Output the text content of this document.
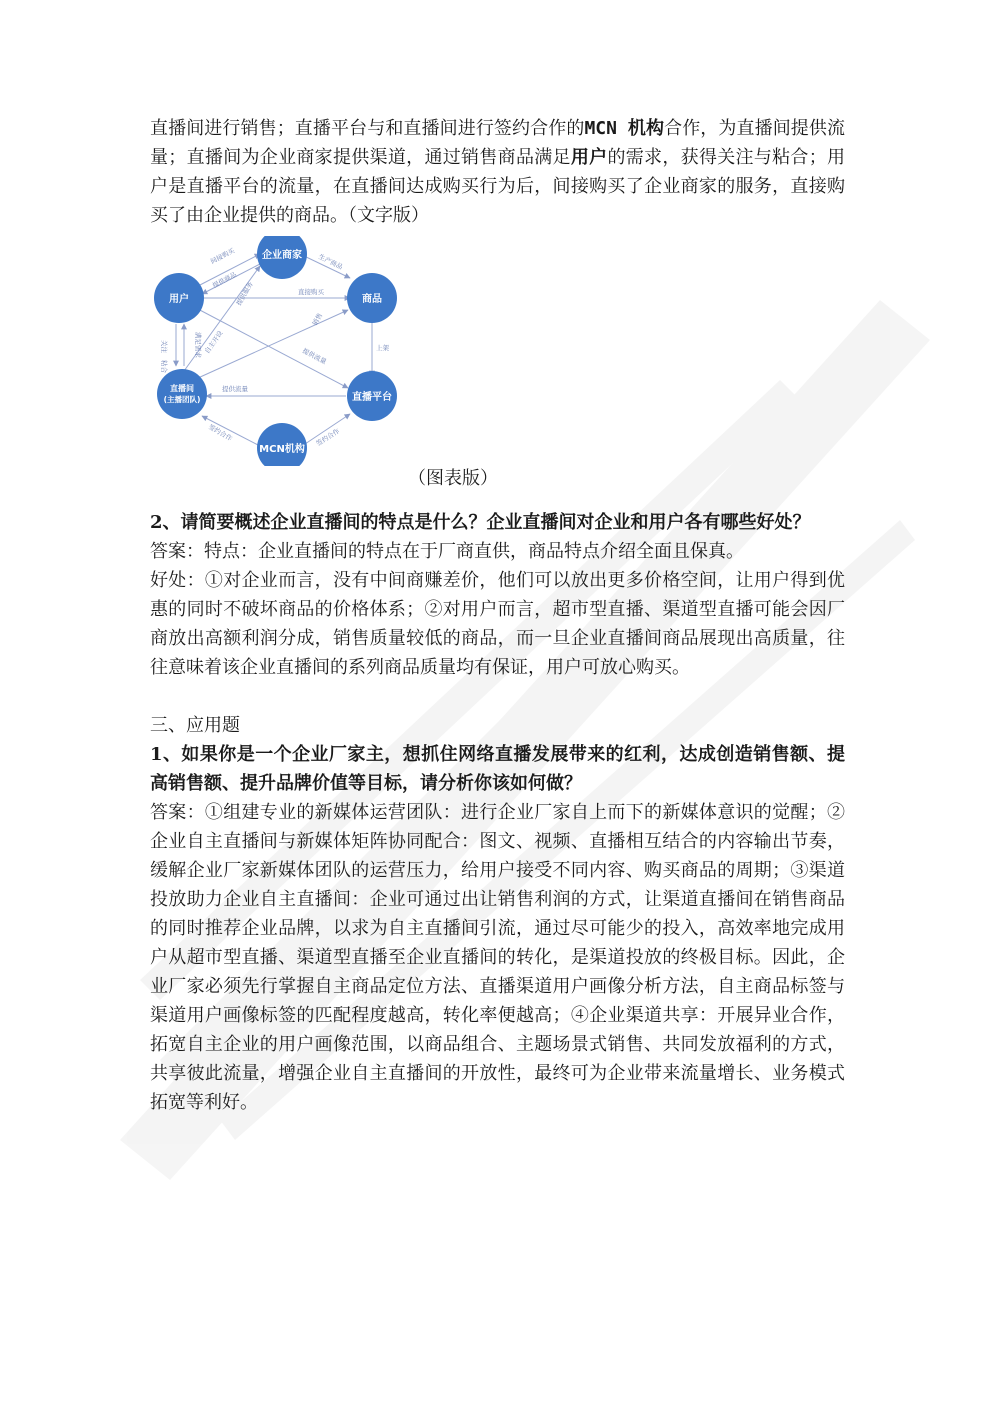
直播间进行销售；直播平台与和直播间进行签约合作的MCN 机构合作，为直播间提供流量；直播间为企业商家提供渠道，通过销售商品满足用户的需求，获得关注与粘合；用户是直播平台的流量，在直播间达成购买行为后，间接购买了企业商家的服务，直接购买了由企业提供的商品。（文字版）

间接购买
提供商品
提供服务
生产商品
直接购买
上架
销售
提供流量
提供流量
自主开设
关注
粘合
满足需求
签约合作	签约合作
企业商家
用户	商品
直播间
(主播团队)	直播平台
MCN机构
（图表版）

2、请简要概述企业直播间的特点是什么？企业直播间对企业和用户各有哪些好处？

答案：特点：企业直播间的特点在于厂商直供，商品特点介绍全面且保真。

好处：①对企业而言，没有中间商赚差价，他们可以放出更多价格空间，让用户得到优惠的同时不破坏商品的价格体系；②对用户而言，超市型直播、渠道型直播可能会因厂商放出高额利润分成，销售质量较低的商品，而一旦企业直播间商品展现出高质量，往往意味着该企业直播间的系列商品质量均有保证，用户可放心购买。

三、应用题

1、如果你是一个企业厂家主，想抓住网络直播发展带来的红利，达成创造销售额、提高销售额、提升品牌价值等目标，请分析你该如何做？

答案：①组建专业的新媒体运营团队：进行企业厂家自上而下的新媒体意识的觉醒；②企业自主直播间与新媒体矩阵协同配合：图文、视频、直播相互结合的内容输出节奏，缓解企业厂家新媒体团队的运营压力，给用户接受不同内容、购买商品的周期；③渠道投放助力企业自主直播间：企业可通过出让销售利润的方式，让渠道直播间在销售商品的同时推荐企业品牌，以求为自主直播间引流，通过尽可能少的投入，高效率地完成用户从超市型直播、渠道型直播至企业直播间的转化，是渠道投放的终极目标。因此，企业厂家必须先行掌握自主商品定位方法、直播渠道用户画像分析方法，自主商品标签与渠道用户画像标签的匹配程度越高，转化率便越高；④企业渠道共享：开展异业合作，拓宽自主企业的用户画像范围，以商品组合、主题场景式销售、共同发放福利的方式，共享彼此流量，增强企业自主直播间的开放性，最终可为企业带来流量增长、业务模式拓宽等利好。
